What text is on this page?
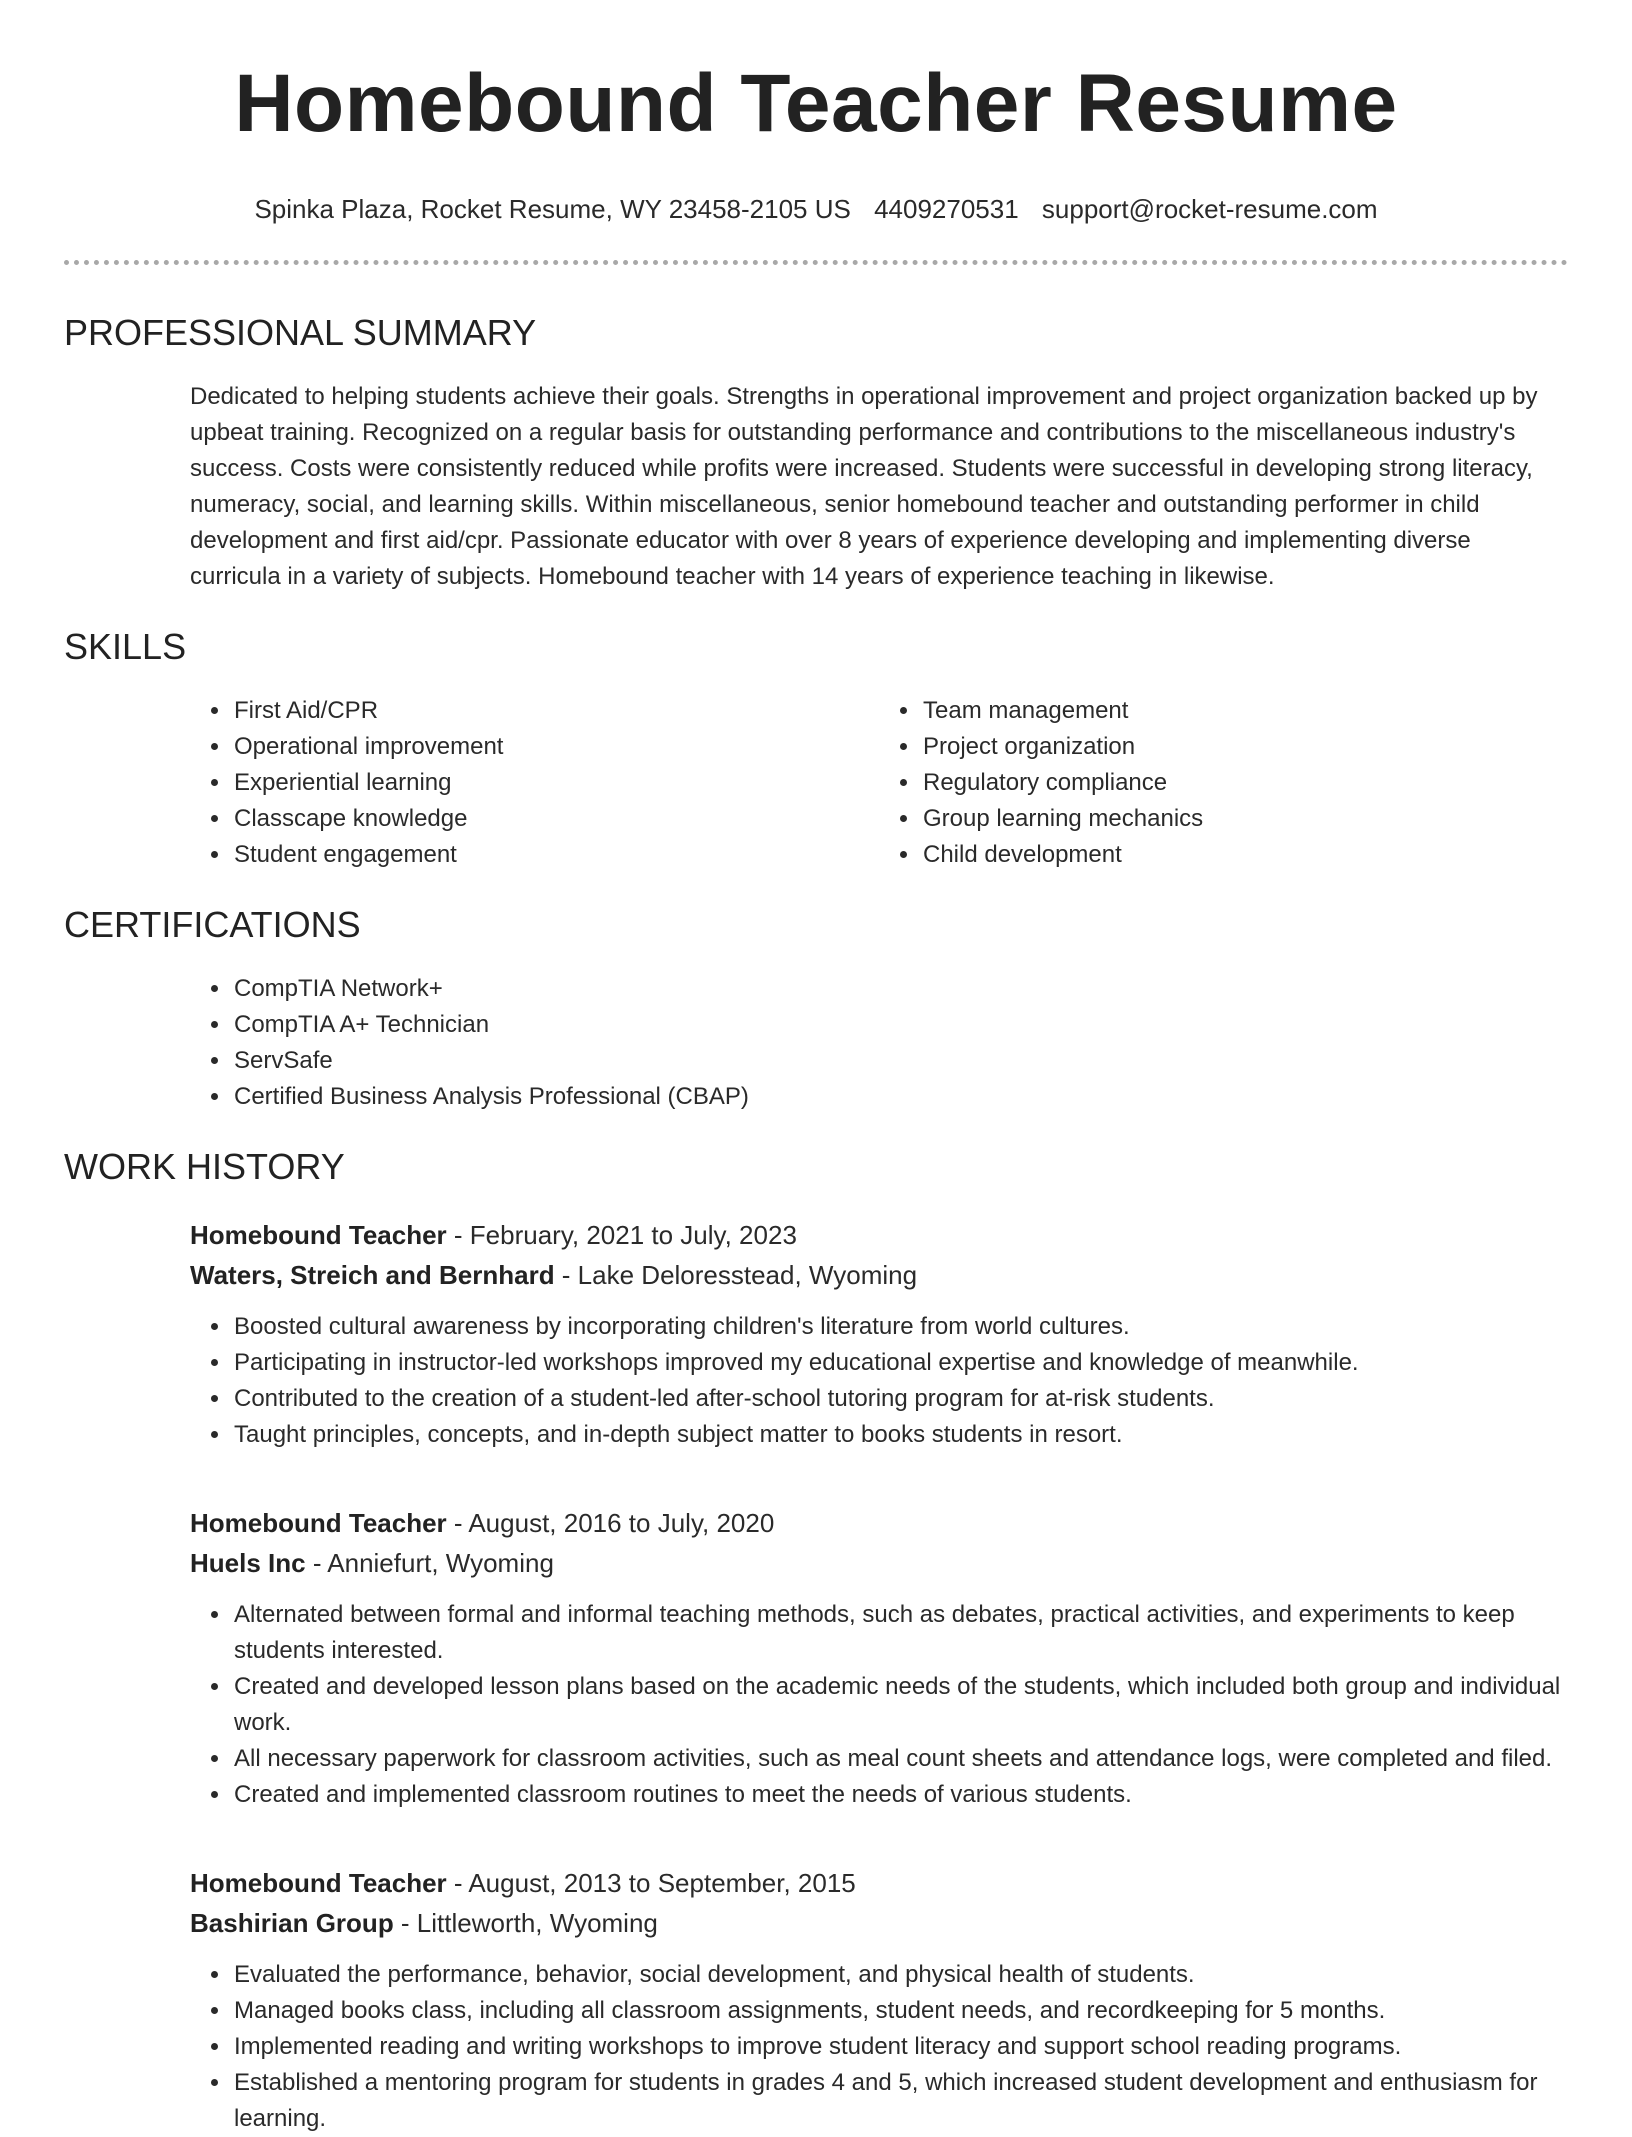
Homebound Teacher Resume
Spinka Plaza, Rocket Resume, WY 23458-2105 US 4409270531 support@rocket-resume.com
PROFESSIONAL SUMMARY

Dedicated to helping students achieve their goals. Strengths in operational improvement and project organization backed up by upbeat training. Recognized on a regular basis for outstanding performance and contributions to the miscellaneous industry's success. Costs were consistently reduced while profits were increased. Students were successful in developing strong literacy, numeracy, social, and learning skills. Within miscellaneous, senior homebound teacher and outstanding performer in child development and first aid/cpr. Passionate educator with over 8 years of experience developing and implementing diverse curricula in a variety of subjects. Homebound teacher with 14 years of experience teaching in likewise.

SKILLS
• First Aid/CPR
• Operational improvement
• Experiential learning
• Classcape knowledge
• Student engagement
• Team management
• Project organization
• Regulatory compliance
• Group learning mechanics
• Child development
CERTIFICATIONS
• CompTIA Network+
• CompTIA A+ Technician
• ServSafe
• Certified Business Analysis Professional (CBAP)
WORK HISTORY
Homebound Teacher - February, 2021 to July, 2023
Waters, Streich and Bernhard - Lake Deloresstead, Wyoming
• Boosted cultural awareness by incorporating children's literature from world cultures.
• Participating in instructor-led workshops improved my educational expertise and knowledge of meanwhile.
• Contributed to the creation of a student-led after-school tutoring program for at-risk students.
• Taught principles, concepts, and in-depth subject matter to books students in resort.
Homebound Teacher - August, 2016 to July, 2020
Huels Inc - Anniefurt, Wyoming
• Alternated between formal and informal teaching methods, such as debates, practical activities, and experiments to keep students interested.
• Created and developed lesson plans based on the academic needs of the students, which included both group and individual work.
• All necessary paperwork for classroom activities, such as meal count sheets and attendance logs, were completed and filed.
• Created and implemented classroom routines to meet the needs of various students.
Homebound Teacher - August, 2013 to September, 2015
Bashirian Group - Littleworth, Wyoming
• Evaluated the performance, behavior, social development, and physical health of students.
• Managed books class, including all classroom assignments, student needs, and recordkeeping for 5 months.
• Implemented reading and writing workshops to improve student literacy and support school reading programs.
• Established a mentoring program for students in grades 4 and 5, which increased student development and enthusiasm for learning.
